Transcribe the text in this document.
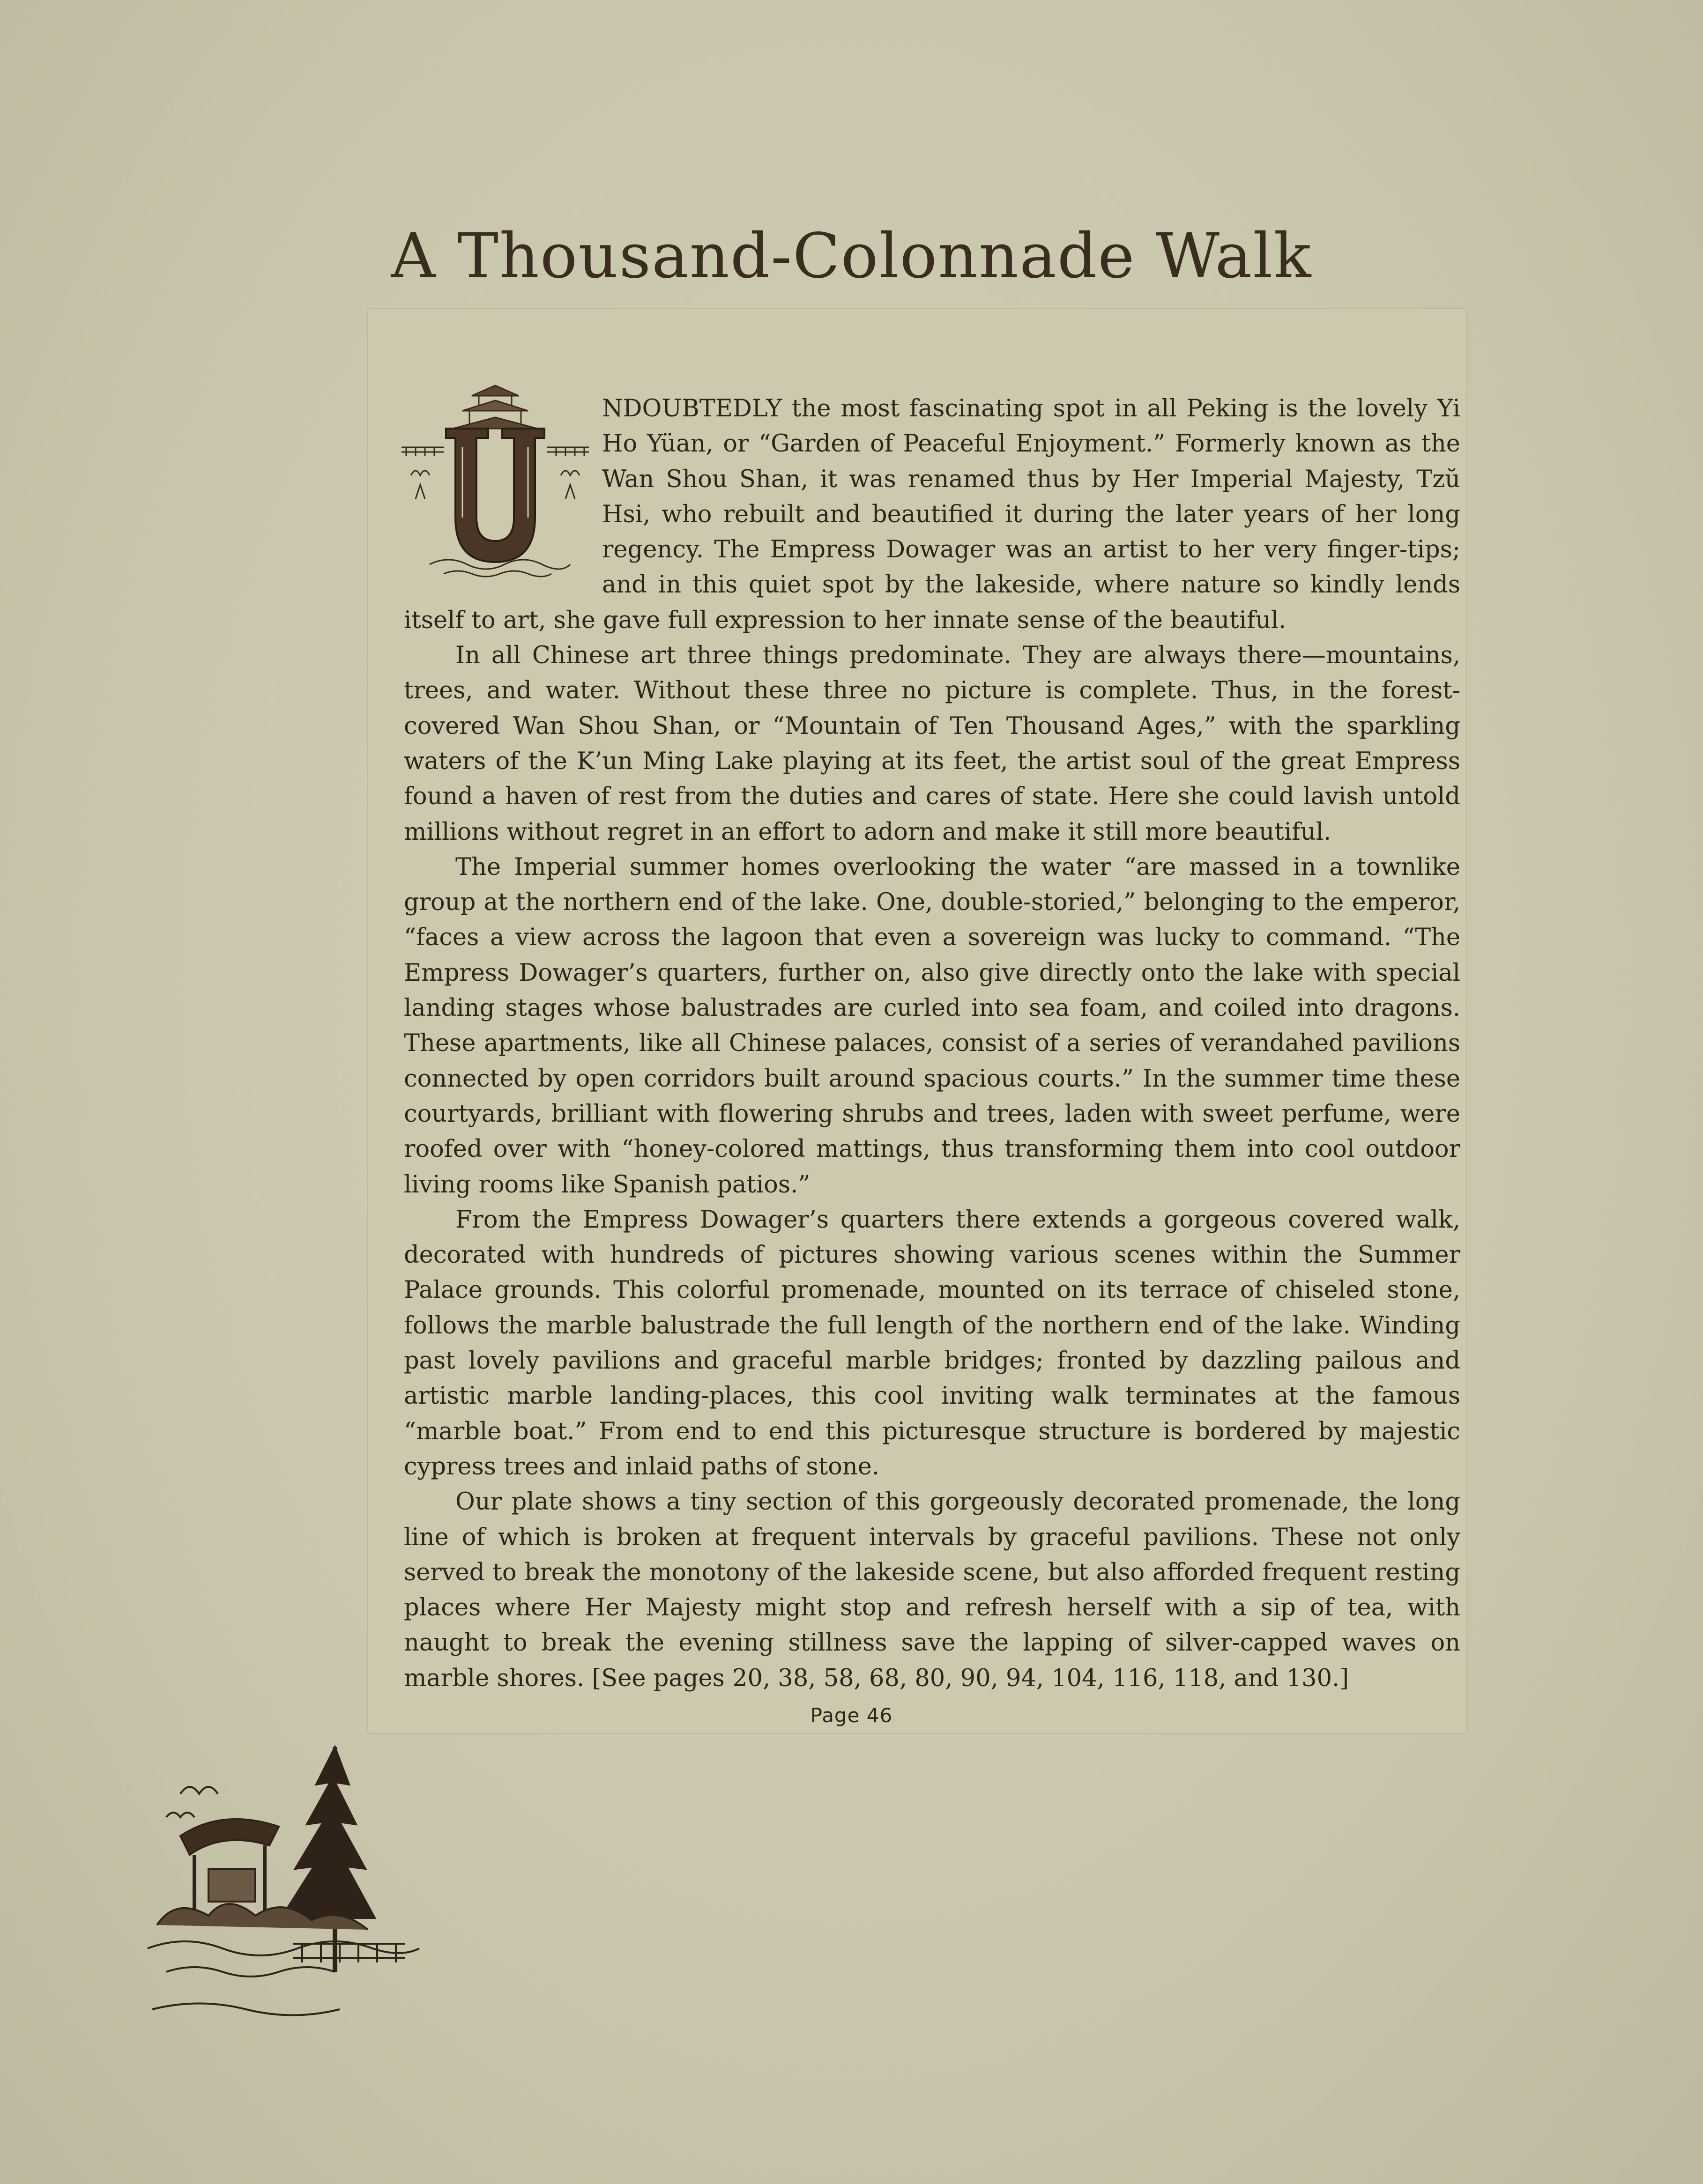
A Thousand-Colonnade Walk

NDOUBTEDLY the most fascinating spot in all Peking is the lovely Yi Ho Yüan, or “Garden of Peaceful Enjoyment.” Formerly known as the Wan Shou Shan, it was renamed thus by Her Imperial Majesty, Tzŭ Hsi, who rebuilt and beautified it during the later years of her long regency. The Empress Dowager was an artist to her very finger-tips; and in this quiet spot by the lakeside, where nature so kindly lends itself to art, she gave full expression to her innate sense of the beautiful.

In all Chinese art three things predominate. They are always there—mountains, trees, and water. Without these three no picture is complete. Thus, in the forest-covered Wan Shou Shan, or “Mountain of Ten Thousand Ages,” with the sparkling waters of the K’un Ming Lake playing at its feet, the artist soul of the great Empress found a haven of rest from the duties and cares of state. Here she could lavish untold millions without regret in an effort to adorn and make it still more beautiful.

The Imperial summer homes overlooking the water “are massed in a townlike group at the northern end of the lake. One, double-storied,” belonging to the emperor, “faces a view across the lagoon that even a sovereign was lucky to command. “The Empress Dowager’s quarters, further on, also give directly onto the lake with special landing stages whose balustrades are curled into sea foam, and coiled into dragons. These apartments, like all Chinese palaces, consist of a series of verandahed pavilions connected by open corridors built around spacious courts.” In the summer time these courtyards, brilliant with flowering shrubs and trees, laden with sweet perfume, were roofed over with “honey-colored mattings, thus transforming them into cool outdoor living rooms like Spanish patios.”

From the Empress Dowager’s quarters there extends a gorgeous covered walk, decorated with hundreds of pictures showing various scenes within the Summer Palace grounds. This colorful promenade, mounted on its terrace of chiseled stone, follows the marble balustrade the full length of the northern end of the lake. Winding past lovely pavilions and graceful marble bridges; fronted by dazzling pailous and artistic marble landing-places, this cool inviting walk terminates at the famous “marble boat.” From end to end this picturesque structure is bordered by majestic cypress trees and inlaid paths of stone.

Our plate shows a tiny section of this gorgeously decorated promenade, the long line of which is broken at frequent intervals by graceful pavilions. These not only served to break the monotony of the lakeside scene, but also afforded frequent resting places where Her Majesty might stop and refresh herself with a sip of tea, with naught to break the evening stillness save the lapping of silver-capped waves on marble shores. [See pages 20, 38, 58, 68, 80, 90, 94, 104, 116, 118, and 130.]

Page 46
